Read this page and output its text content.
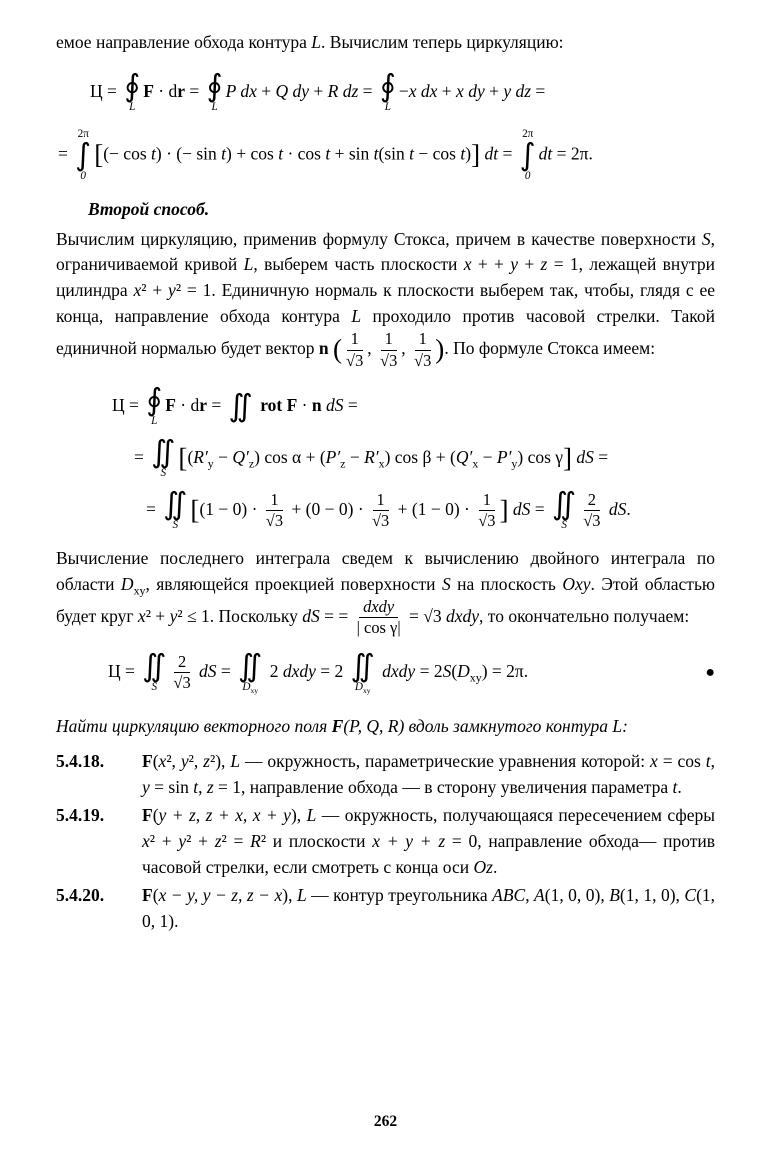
емое направление обхода контура L. Вычислим теперь циркуляцию:

Ц = ∮
L
F · dr = ∮
L
P dx + Q dy + R dz = ∮
L
−x dx + x dy + y dz =
=
2π
∫
0
[(− cos t) · (− sin t) + cos t · cos t + sin t(sin t − cos t)] dt =
2π
∫
0
dt = 2π.

Второй способ.

Вычислим циркуляцию, применив формулу Стокса, причем в качестве поверхности S, ограничиваемой кривой L, выберем часть плоскости x + + y + z = 1, лежащей внутри цилиндра x² + y² = 1. Единичную нормаль к плоскости выберем так, чтобы, глядя с ее конца, направление обхода контура L проходило против часовой стрелки. Такой единичной нормалью будет вектор n ( $\frac{1}{√3}$ , $\frac{1}{√3}$ , $\frac{1}{√3}$ ). По формуле Стокса имеем:

Ц = ∮
L
F · dr = ∬ rot F · n dS =
= ∬
S [$(R'_y - Q'_z)$ $\cos \alpha + (P'_z - R'_x)$ $\cos \beta + (Q'_x - P'_y)$ cos γ] dS =
= ∬
S [$(1 - 0) \cdot \frac{1}{√3} + (0 - 0) \cdot \frac{1}{√3} + (1 - 0) \cdot \frac{1}{√3}$ ] dS = ∬
S $\frac{2}{√3}$ dS.

Вычисление последнего интеграла сведем к вычислению двойного интеграла по области $D_{xy}$, являющейся проекцией поверхности S на плоскость Oxy. Этой областью будет круг x² + y² ≤ 1. Поскольку dS = = dxdy
| cos γ|
= √3 dxdy, то окончательно получаем:

Ц = ∬
S $\frac{2}{√3}$ dS = ∬
$D_{xy}$
2 dxdy = 2 ∬
$D_{xy}$
dxdy = $2S(D_{xy}) = 2\pi$.	●

Найти циркуляцию векторного поля F(P, Q, R) вдоль замкнутого контура L:

5.4.18.	F(x², y², z²), L — окружность, параметрические уравнения которой: x = cos t, y = sin t, z = 1, направление обхода — в сторону увеличения параметра t.
5.4.19.	F(y + z, z + x, x + y), L — окружность, получающаяся пересечением сферы x² + y² + z² = R² и плоскости x + y + z = 0, направление обхода— против часовой стрелки, если смотреть с конца оси Oz.
5.4.20.	F(x − y, y − z, z − x), L — контур треугольника ABC, A(1, 0, 0), B(1, 1, 0), C(1, 0, 1).
262
